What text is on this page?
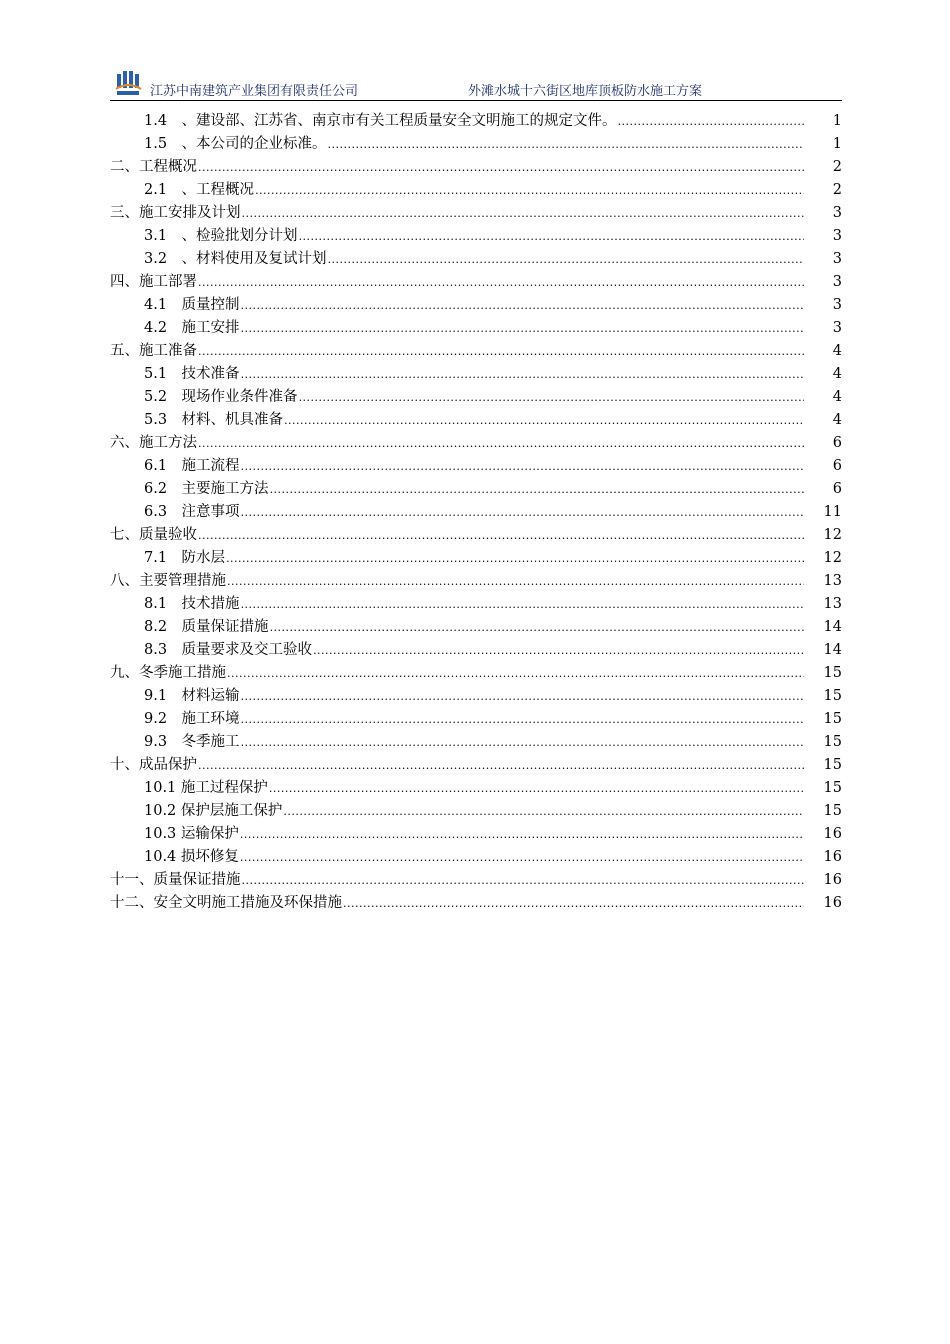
江苏中南建筑产业集团有限责任公司	外滩水城十六街区地库顶板防水施工方案
1.4　、建设部、江苏省、南京市有关工程质量安全文明施工的规定文件。 .....	1
1.5　、本公司的企业标准。 .....	1
二、工程概况 .....	2
2.1　、工程概况 .....	2
三、施工安排及计划 .....	3
3.1　、检验批划分计划 .....	3
3.2　、材料使用及复试计划 .....	3
四、施工部署 .....	3
4.1　质量控制 .....	3
4.2　施工安排 .....	3
五、施工准备 .....	4
5.1　技术准备 .....	4
5.2　现场作业条件准备 .....	4
5.3　材料、机具准备 .....	4
六、施工方法 .....	6
6.1　施工流程 .....	6
6.2　主要施工方法 .....	6
6.3　注意事项 .....	11
七、质量验收 .....	12
7.1　防水层 .....	12
八、主要管理措施 .....	13
8.1　技术措施 .....	13
8.2　质量保证措施 .....	14
8.3　质量要求及交工验收 .....	14
九、冬季施工措施 .....	15
9.1　材料运输 .....	15
9.2　施工环境 .....	15
9.3　冬季施工 .....	15
十、成品保护 .....	15
10.1 施工过程保护 .....	15
10.2 保护层施工保护 .....	15
10.3 运输保护 .....	16
10.4 损坏修复 .....	16
十一、质量保证措施 .....	16
十二、安全文明施工措施及环保措施 .....	16
